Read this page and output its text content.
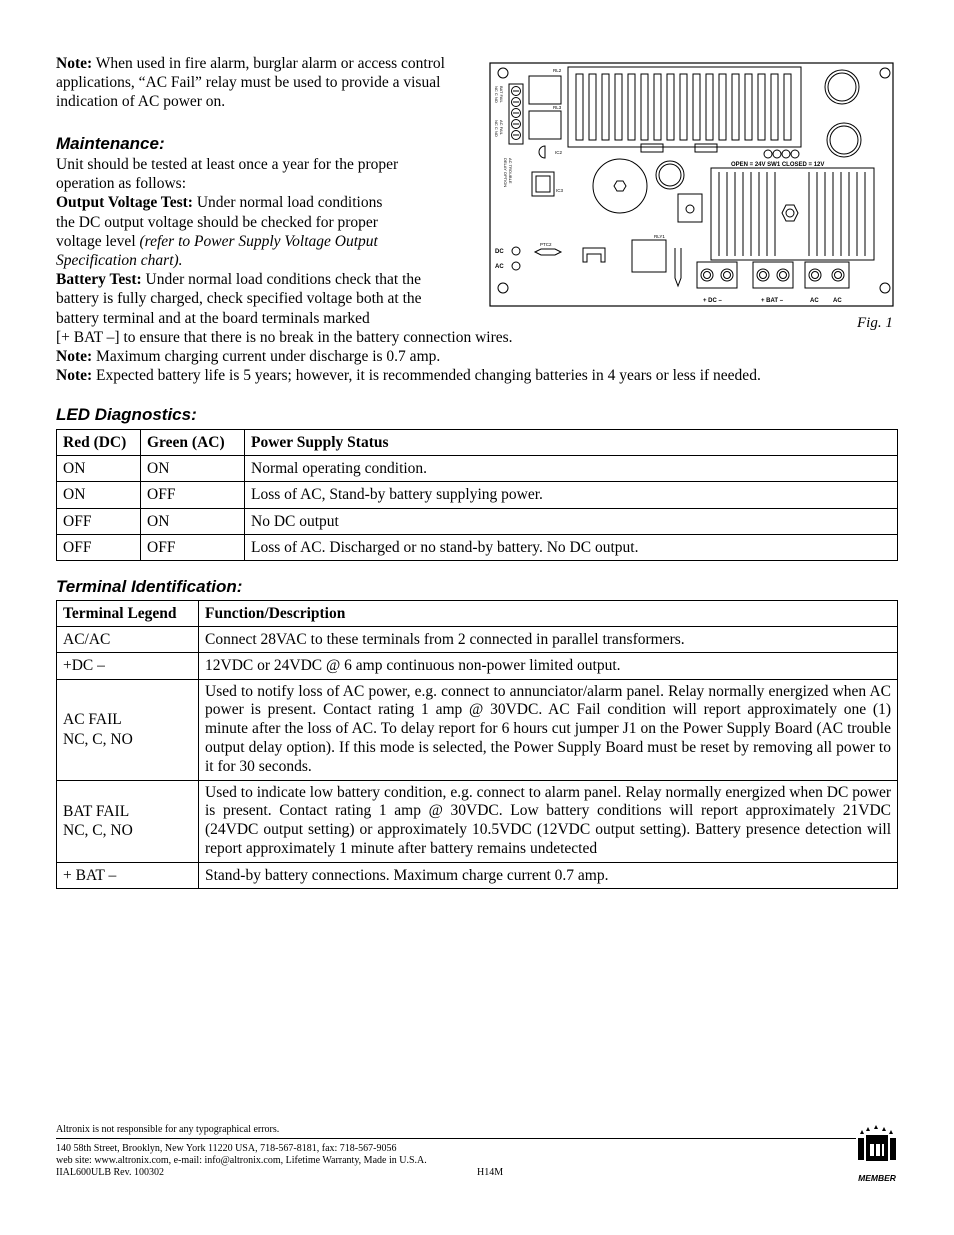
Note: When used in fire alarm, burglar alarm or access control
applications, “AC Fail” relay must be used to provide a visual
indication of AC power on.
Maintenance:
Unit should be tested at least once a year for the proper
operation as follows:
Output Voltage Test: Under normal load conditions
the DC output voltage should be checked for proper
voltage level (refer to Power Supply Voltage Output
Specification chart).
Battery Test: Under normal load conditions check that the
battery is fully charged, check specified voltage both at the
battery terminal and at the board terminals marked
[+ BAT –] to ensure that there is no break in the battery connection wires.
Note: Maximum charging current under discharge is 0.7 amp.
Note: Expected battery life is 5 years; however, it is recommended changing batteries in 4 years or less if needed.
BAT FAIL
NC C NO
AC FAIL
NC C NO
AC TROUBLE
DELAY OPTION
RL2
RL3
IC2
IC3
OPEN = 24V SW1 CLOSED = 12V
RLY1
PTC2
DC
AC
+ DC –	+ BAT –	AC AC
Fig. 1
LED Diagnostics:
Red (DC)	Green (AC)	Power Supply Status
ON	ON	Normal operating condition.
ON	OFF	Loss of AC, Stand-by battery supplying power.
OFF	ON	No DC output
OFF	OFF	Loss of AC. Discharged or no stand-by battery. No DC output.
Terminal Identification:
Terminal Legend	Function/Description
AC/AC	Connect 28VAC to these terminals from 2 connected in parallel transformers.
+DC –	12VDC or 24VDC @ 6 amp continuous non-power limited output.

AC FAIL
NC, C, NO	Used to notify loss of AC power, e.g. connect to annunciator/alarm panel. Relay normally energized when AC power is present. Contact rating 1 amp @ 30VDC. AC Fail condition will report approximately one (1) minute after the loss of AC. To delay report for 6 hours cut jumper J1 on the Power Supply Board (AC trouble output delay option). If this mode is selected, the Power Supply Board must be reset by removing all power to it for 30 seconds.

BAT FAIL
NC, C, NO	Used to indicate low battery condition, e.g. connect to alarm panel. Relay normally energized when DC power is present. Contact rating 1 amp @ 30VDC. Low battery conditions will report approximately 21VDC (24VDC output setting) or approximately 10.5VDC (12VDC output setting). Battery presence detection will report approximately 1 minute after battery remains undetected
+ BAT –	Stand-by battery connections. Maximum charge current 0.7 amp.
Altronix is not responsible for any typographical errors.
140 58th Street, Brooklyn, New York 11220 USA, 718-567-8181, fax: 718-567-9056
web site: www.altronix.com, e-mail: info@altronix.com, Lifetime Warranty, Made in U.S.A.
IIAL600ULB Rev. 100302	H14M
MEMBER
